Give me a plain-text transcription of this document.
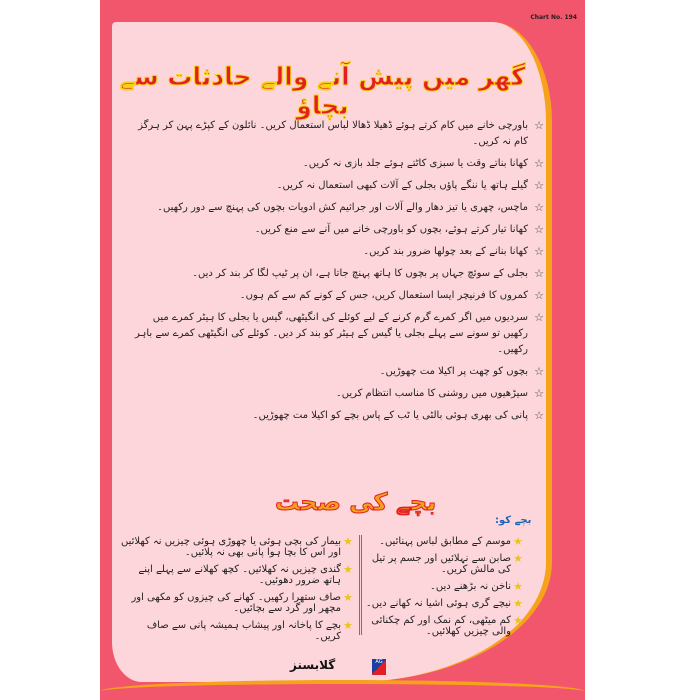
Chart No. 194
گھر میں پیش آنے والے حادثات سے بچاؤ
☆
باورچی خانے میں کام کرتے ہوئے ڈھیلا ڈھالا لباس استعمال کریں۔ نائلون کے کپڑے پہن کر ہرگز کام نہ کریں۔
☆
کھانا بناتے وقت یا سبزی کاٹتے ہوئے جلد بازی نہ کریں۔
☆
گیلے ہاتھ یا ننگے پاؤں بجلی کے آلات کبھی استعمال نہ کریں۔
☆
ماچس، چھری یا تیز دھار والے آلات اور جراثیم کش ادویات بچوں کی پہنچ سے دور رکھیں۔
☆
کھانا تیار کرتے ہوئے، بچوں کو باورچی خانے میں آنے سے منع کریں۔
☆
کھانا بنانے کے بعد چولھا ضرور بند کریں۔
☆
بجلی کے سوئچ جہاں پر بچوں کا ہاتھ پہنچ جاتا ہے، ان پر ٹیپ لگا کر بند کر دیں۔
☆
کمروں کا فرنیچر ایسا استعمال کریں، جس کے کونے کم سے کم ہوں۔
☆
سردیوں میں اگر کمرے گرم کرنے کے لیے کوئلے کی انگیٹھی، گیس یا بجلی کا ہیٹر کمرے میں رکھیں تو سونے سے پہلے بجلی یا گیس کے ہیٹر کو بند کر دیں۔ کوئلے کی انگیٹھی کمرے سے باہر رکھیں۔
☆
بچوں کو چھت پر اکیلا مت چھوڑیں۔
☆
سیڑھیوں میں روشنی کا مناسب انتظام کریں۔
☆
پانی کی بھری ہوئی بالٹی یا ٹب کے پاس بچے کو اکیلا مت چھوڑیں۔
بچے کی صحت
بچے کو:
★
موسم کے مطابق لباس پہنائیں۔
★
صابن سے نہلائیں اور جسم پر تیل کی مالش کریں۔
★
ناخن نہ بڑھنے دیں۔
★
نیچے گری ہوئی اشیا نہ کھانے دیں۔
★
کم میٹھی، کم نمک اور کم چکنائی والی چیزیں کھلائیں۔
★
بیمار کی بچی ہوئی یا چھوڑی ہوئی چیزیں نہ کھلائیں اور اس کا بچا ہوا پانی بھی نہ پلائیں۔
★
گندی چیزیں نہ کھلائیں۔ کچھ کھلانے سے پہلے اپنے ہاتھ ضرور دھوئیں۔
★
صاف ستھرا رکھیں۔ کھانے کی چیزوں کو مکھی اور مچھر اور گرد سے بچائیں۔
★
بچے کا پاخانہ اور پیشاب ہمیشہ پانی سے صاف کریں۔
گلابسنز	AG
